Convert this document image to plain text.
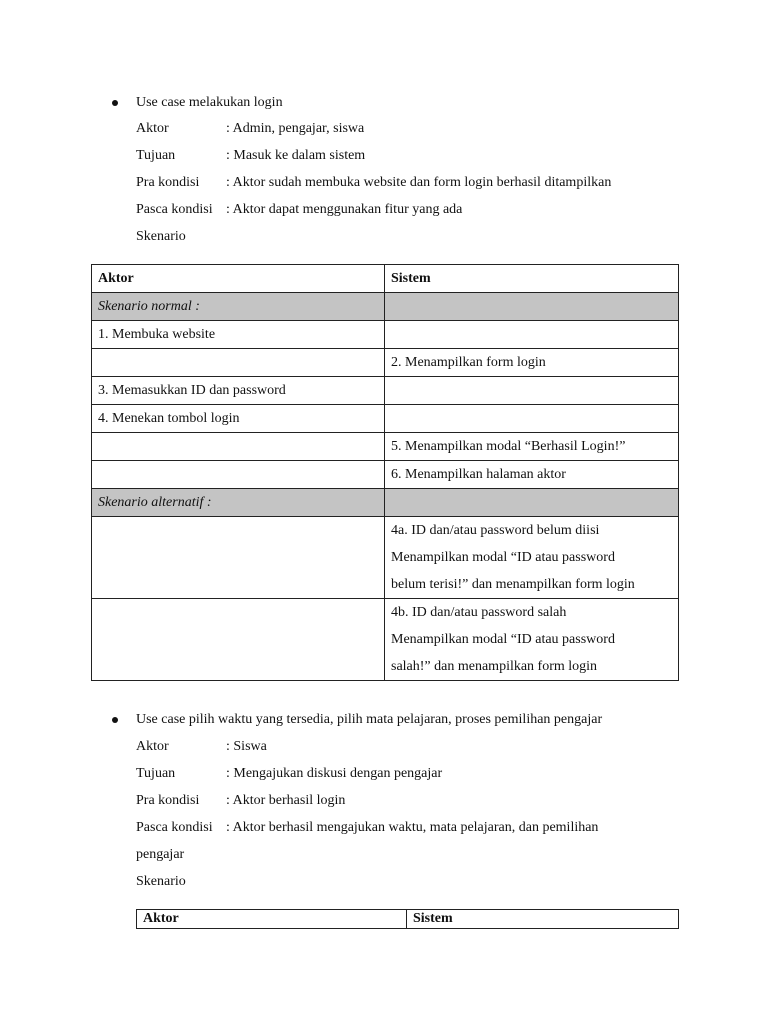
Use case melakukan login
Aktor	: Admin, pengajar, siswa
Tujuan	: Masuk ke dalam sistem
Pra kondisi : Aktor sudah membuka website dan form login berhasil ditampilkan
Pasca kondisi : Aktor dapat menggunakan fitur yang ada
Skenario
Aktor	Sistem
Skenario normal :	
1. Membuka website	
	2. Menampilkan form login
3. Memasukkan ID dan password	
4. Menekan tombol login	
	5. Menampilkan modal “Berhasil Login!”
	6. Menampilkan halaman aktor
Skenario alternatif :	

	4a. ID dan/atau password belum diisi
Menampilkan modal “ID atau password
belum terisi!” dan menampilkan form login

	4b. ID dan/atau password salah
Menampilkan modal “ID atau password
salah!” dan menampilkan form login
Use case pilih waktu yang tersedia, pilih mata pelajaran, proses pemilihan pengajar
Aktor	: Siswa
Tujuan	: Mengajukan diskusi dengan pengajar
Pra kondisi : Aktor berhasil login
Pasca kondisi : Aktor berhasil mengajukan waktu, mata pelajaran, dan pemilihan
pengajar
Skenario
Aktor	Sistem
